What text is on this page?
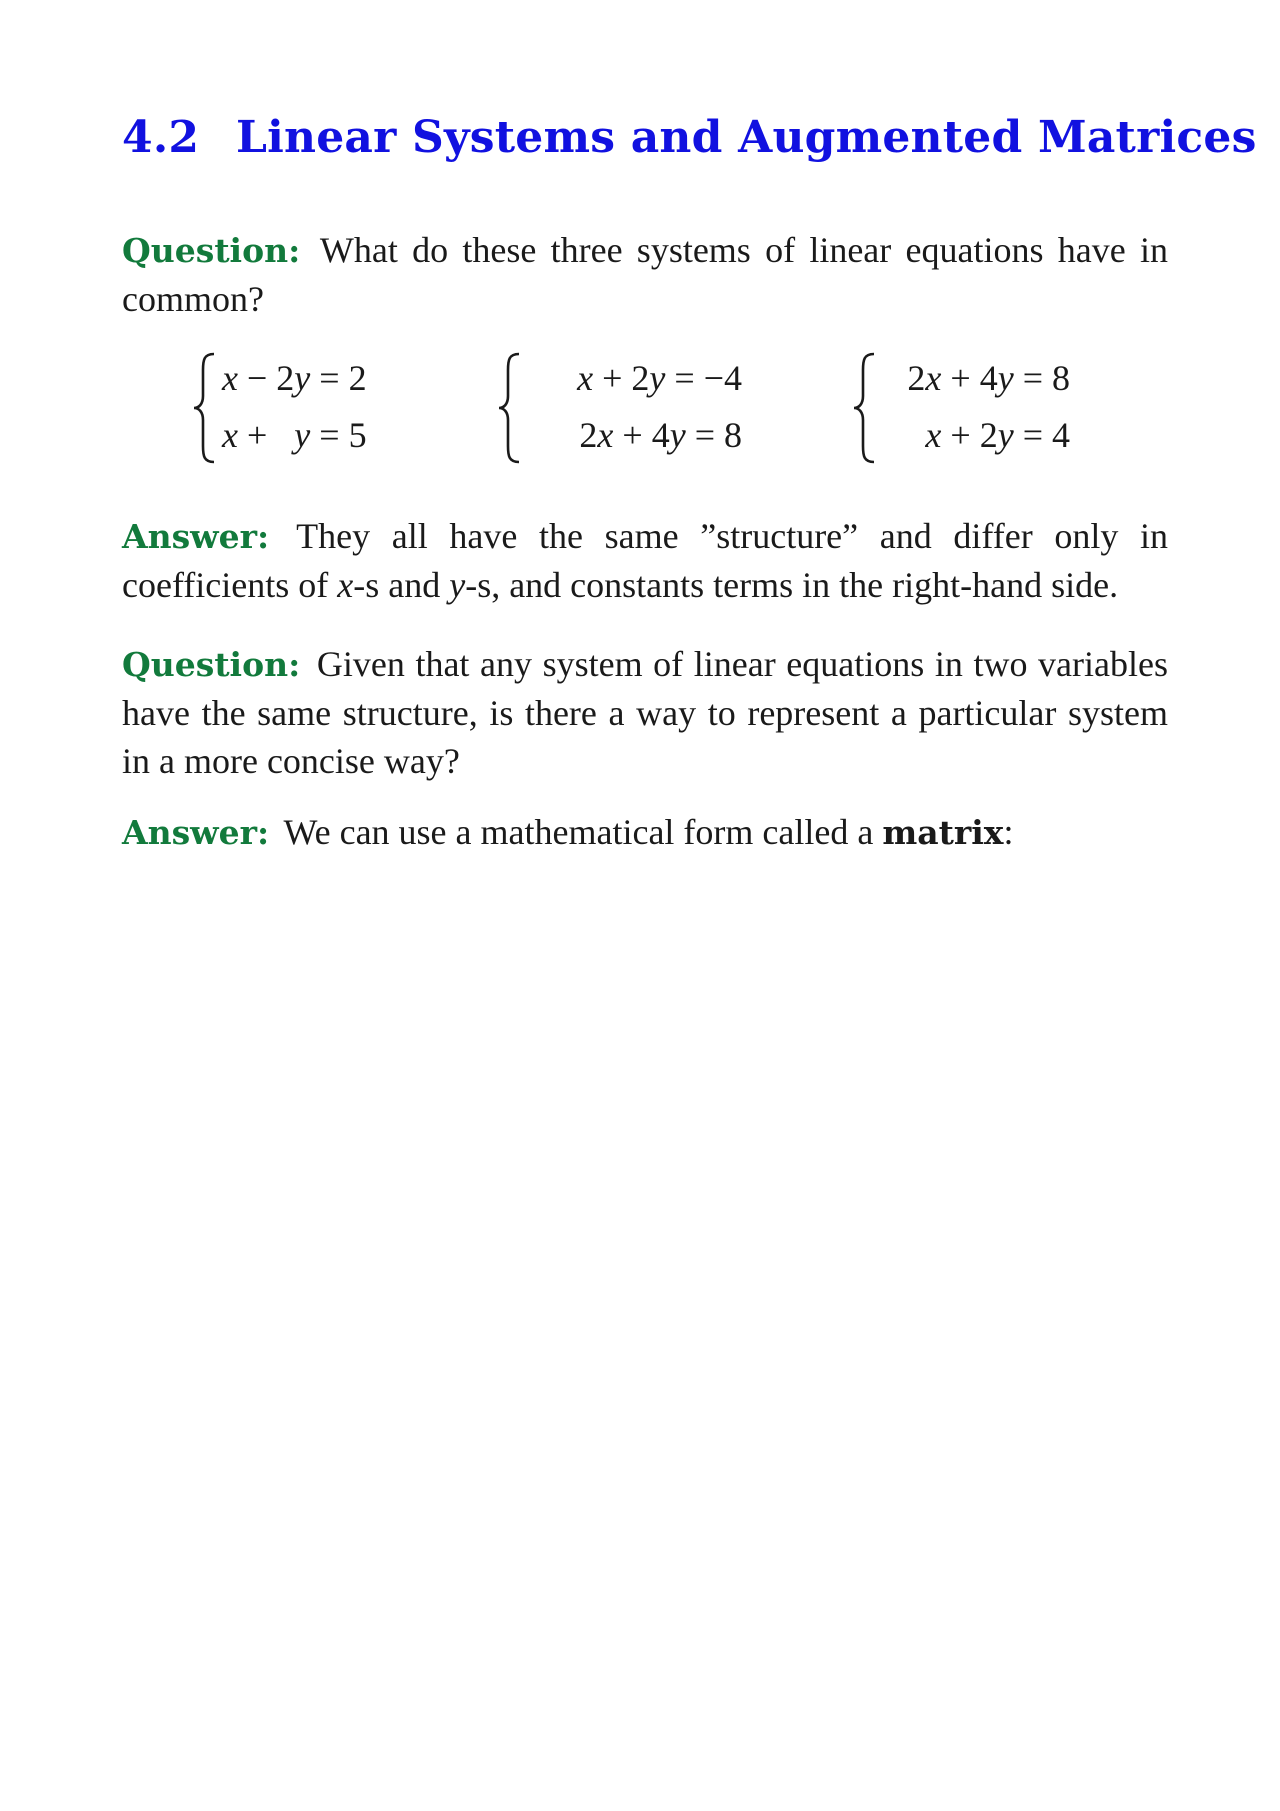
4.2 Linear Systems and Augmented Matrices

Question: What do these three systems of linear equations have in common?

x − 2y = 2
x + y = 5
x + 2y = −4
2x + 4y = 8
2x + 4y = 8
x + 2y = 4

Answer: They all have the same ”structure” and differ only in coefficients of x-s and y-s, and constants terms in the right-hand side.

Question: Given that any system of linear equations in two variables have the same structure, is there a way to represent a particular system in a more concise way?

Answer: We can use a mathematical form called a matrix:
